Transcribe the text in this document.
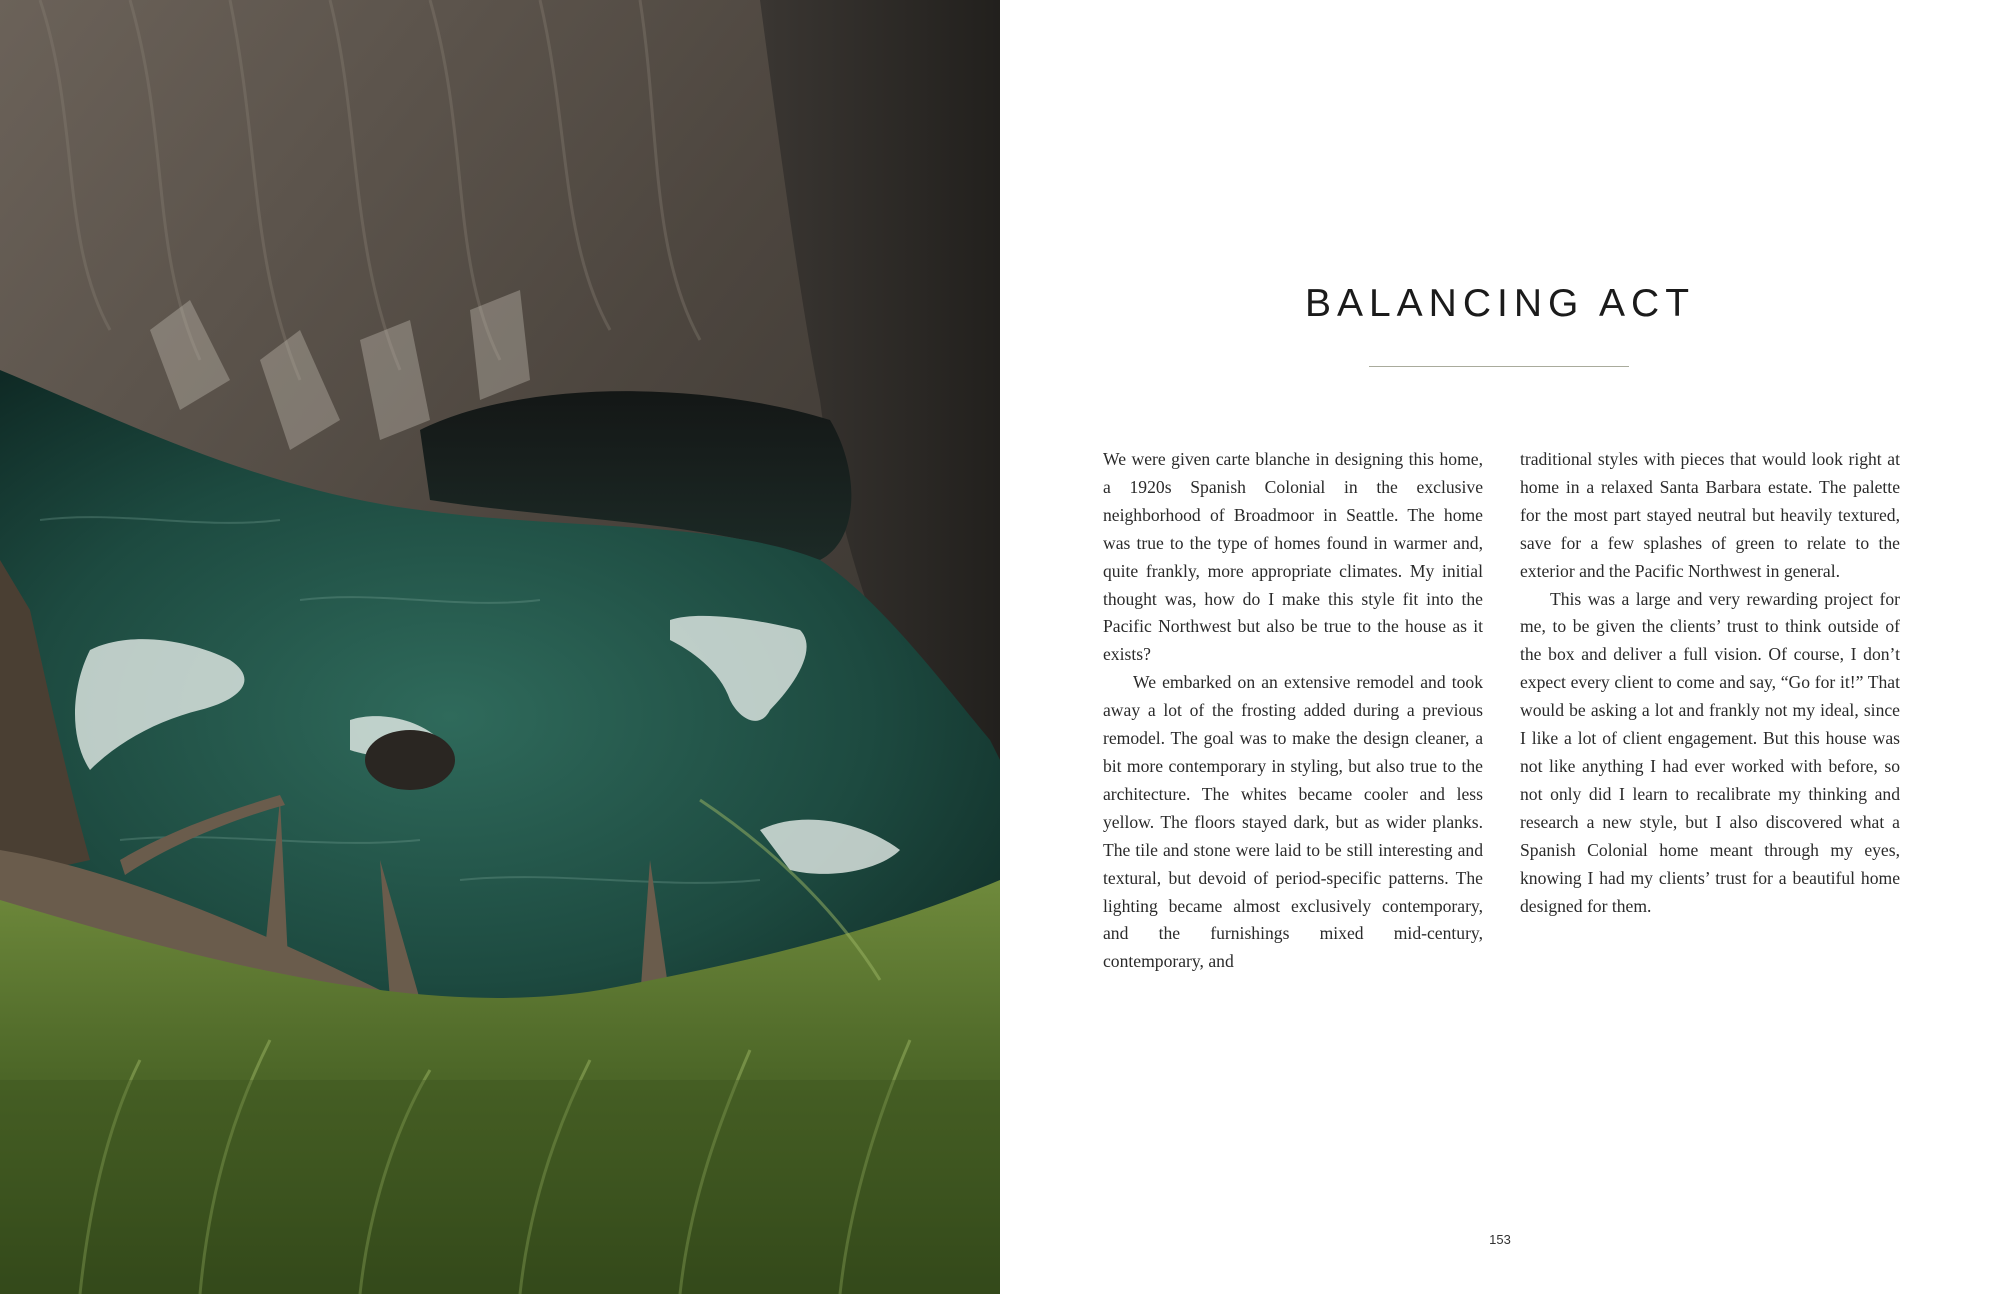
BALANCING ACT

We were given carte blanche in designing this home, a 1920s Spanish Colonial in the exclusive neighborhood of Broadmoor in Seattle. The home was true to the type of homes found in warmer and, quite frankly, more appropriate climates. My initial thought was, how do I make this style fit into the Pacific Northwest but also be true to the house as it exists?

We embarked on an extensive remodel and took away a lot of the frosting added during a previous remodel. The goal was to make the design cleaner, a bit more contemporary in styling, but also true to the architecture. The whites became cooler and less yellow. The floors stayed dark, but as wider planks. The tile and stone were laid to be still interesting and textural, but devoid of period-specific patterns. The lighting became almost exclusively contemporary, and the furnishings mixed mid-century, contemporary, and

traditional styles with pieces that would look right at home in a relaxed Santa Barbara estate. The palette for the most part stayed neutral but heavily textured, save for a few splashes of green to relate to the exterior and the Pacific Northwest in general.

This was a large and very rewarding project for me, to be given the clients’ trust to think outside of the box and deliver a full vision. Of course, I don’t expect every client to come and say, “Go for it!” That would be asking a lot and frankly not my ideal, since I like a lot of client engagement. But this house was not like anything I had ever worked with before, so not only did I learn to recalibrate my thinking and research a new style, but I also discovered what a Spanish Colonial home meant through my eyes, knowing I had my clients’ trust for a beautiful home designed for them.

153
